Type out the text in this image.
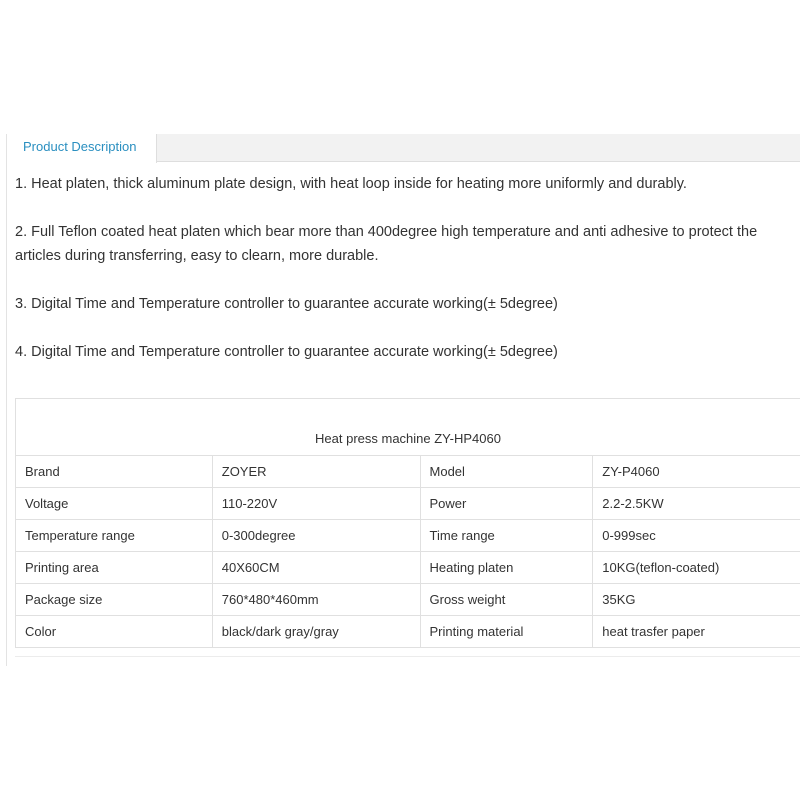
Product Description

1. Heat platen, thick aluminum plate design, with heat loop inside for heating more uniformly and durably.

2. Full Teflon coated heat platen which bear more than 400degree high temperature and anti adhesive to protect the articles during transferring, easy to clearn, more durable.

3. Digital Time and Temperature controller to guarantee accurate working(± 5degree)

4. Digital Time and Temperature controller to guarantee accurate working(± 5degree)

Heat press machine ZY-HP4060			
Brand	ZOYER	Model	ZY-P4060
Voltage	110-220V	Power	2.2-2.5KW
Temperature range	0-300degree	Time range	0-999sec
Printing area	40X60CM	Heating platen	10KG(teflon-coated)
Package size	760*480*460mm	Gross weight	35KG
Color	black/dark gray/gray	Printing material	heat trasfer paper
